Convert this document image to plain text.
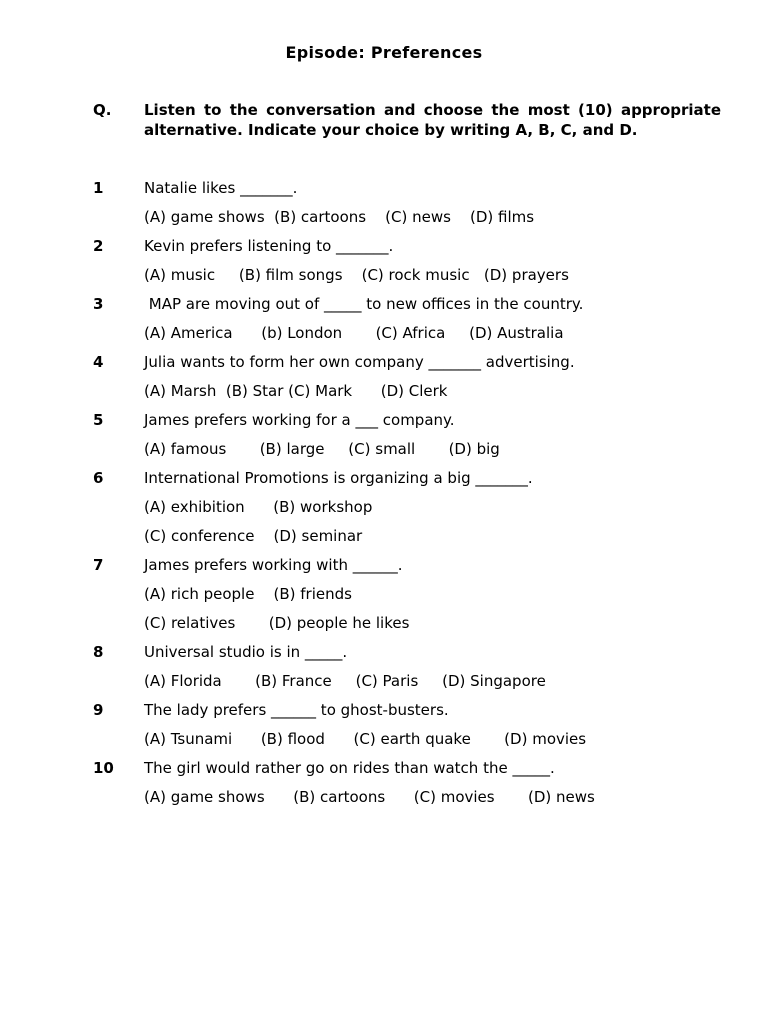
Episode: Preferences
Q. Listen to the conversation and choose the most (10) appropriate alternative. Indicate your choice by writing A, B, C, and D.
1	Natalie likes _______.
(A) game shows  (B) cartoons    (C) news    (D) films
2	Kevin prefers listening to _______.
(A) music     (B) film songs    (C) rock music   (D) prayers
3	MAP are moving out of _____ to new offices in the country.
(A) America      (b) London       (C) Africa     (D) Australia
4	Julia wants to form her own company _______ advertising.
(A) Marsh  (B) Star (C) Mark      (D) Clerk
5	James prefers working for a ___ company.
(A) famous       (B) large     (C) small       (D) big
6	International Promotions is organizing a big _______.
(A) exhibition      (B) workshop
(C) conference    (D) seminar
7	James prefers working with ______.
(A) rich people    (B) friends
(C) relatives       (D) people he likes
8	Universal studio is in _____.
(A) Florida       (B) France     (C) Paris     (D) Singapore
9	The lady prefers ______ to ghost-busters.
(A) Tsunami      (B) flood      (C) earth quake       (D) movies
10 The girl would rather go on rides than watch the _____.
(A) game shows      (B) cartoons      (C) movies       (D) news
